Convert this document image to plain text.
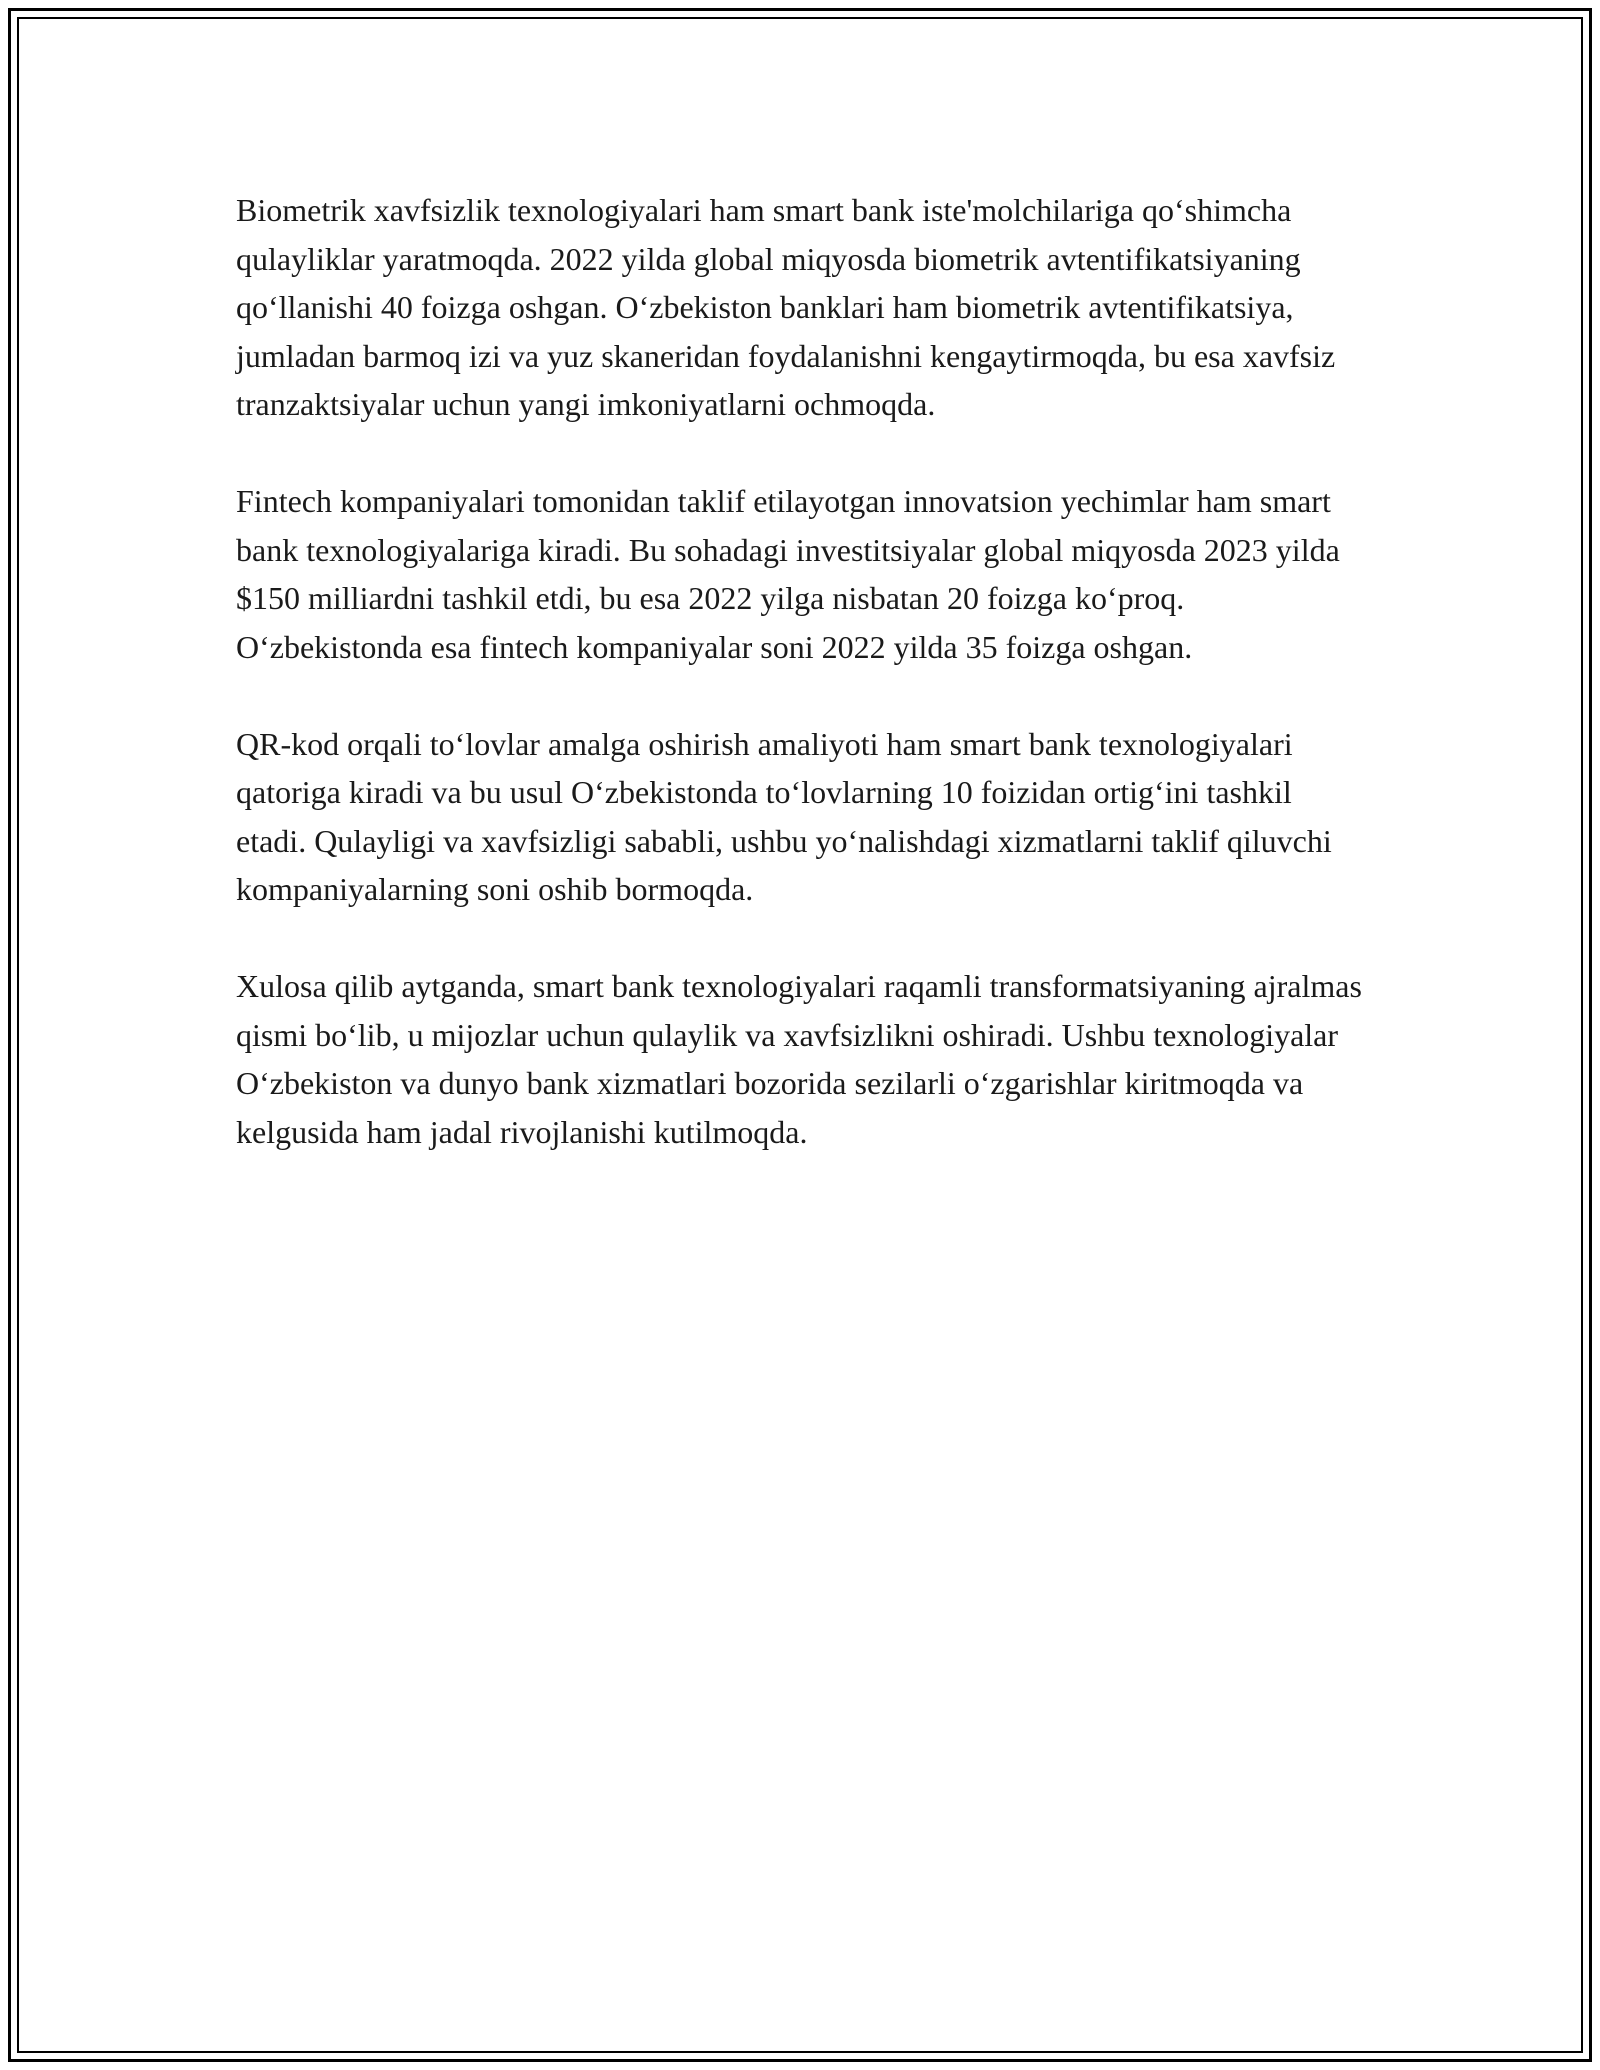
Biometrik xavfsizlik texnologiyalari ham smart bank iste'molchilariga qo‘shimcha qulayliklar yaratmoqda. 2022 yilda global miqyosda biometrik avtentifikatsiyaning qo‘llanishi 40 foizga oshgan. O‘zbekiston banklari ham biometrik avtentifikatsiya, jumladan barmoq izi va yuz skaneridan foydalanishni kengaytirmoqda, bu esa xavfsiz tranzaktsiyalar uchun yangi imkoniyatlarni ochmoqda.

Fintech kompaniyalari tomonidan taklif etilayotgan innovatsion yechimlar ham smart bank texnologiyalariga kiradi. Bu sohadagi investitsiyalar global miqyosda 2023 yilda $150 milliardni tashkil etdi, bu esa 2022 yilga nisbatan 20 foizga ko‘proq. O‘zbekistonda esa fintech kompaniyalar soni 2022 yilda 35 foizga oshgan.

QR-kod orqali to‘lovlar amalga oshirish amaliyoti ham smart bank texnologiyalari qatoriga kiradi va bu usul O‘zbekistonda to‘lovlarning 10 foizidan ortig‘ini tashkil etadi. Qulayligi va xavfsizligi sababli, ushbu yo‘nalishdagi xizmatlarni taklif qiluvchi kompaniyalarning soni oshib bormoqda.

Xulosa qilib aytganda, smart bank texnologiyalari raqamli transformatsiyaning ajralmas qismi bo‘lib, u mijozlar uchun qulaylik va xavfsizlikni oshiradi. Ushbu texnologiyalar O‘zbekiston va dunyo bank xizmatlari bozorida sezilarli o‘zgarishlar kiritmoqda va kelgusida ham jadal rivojlanishi kutilmoqda.
